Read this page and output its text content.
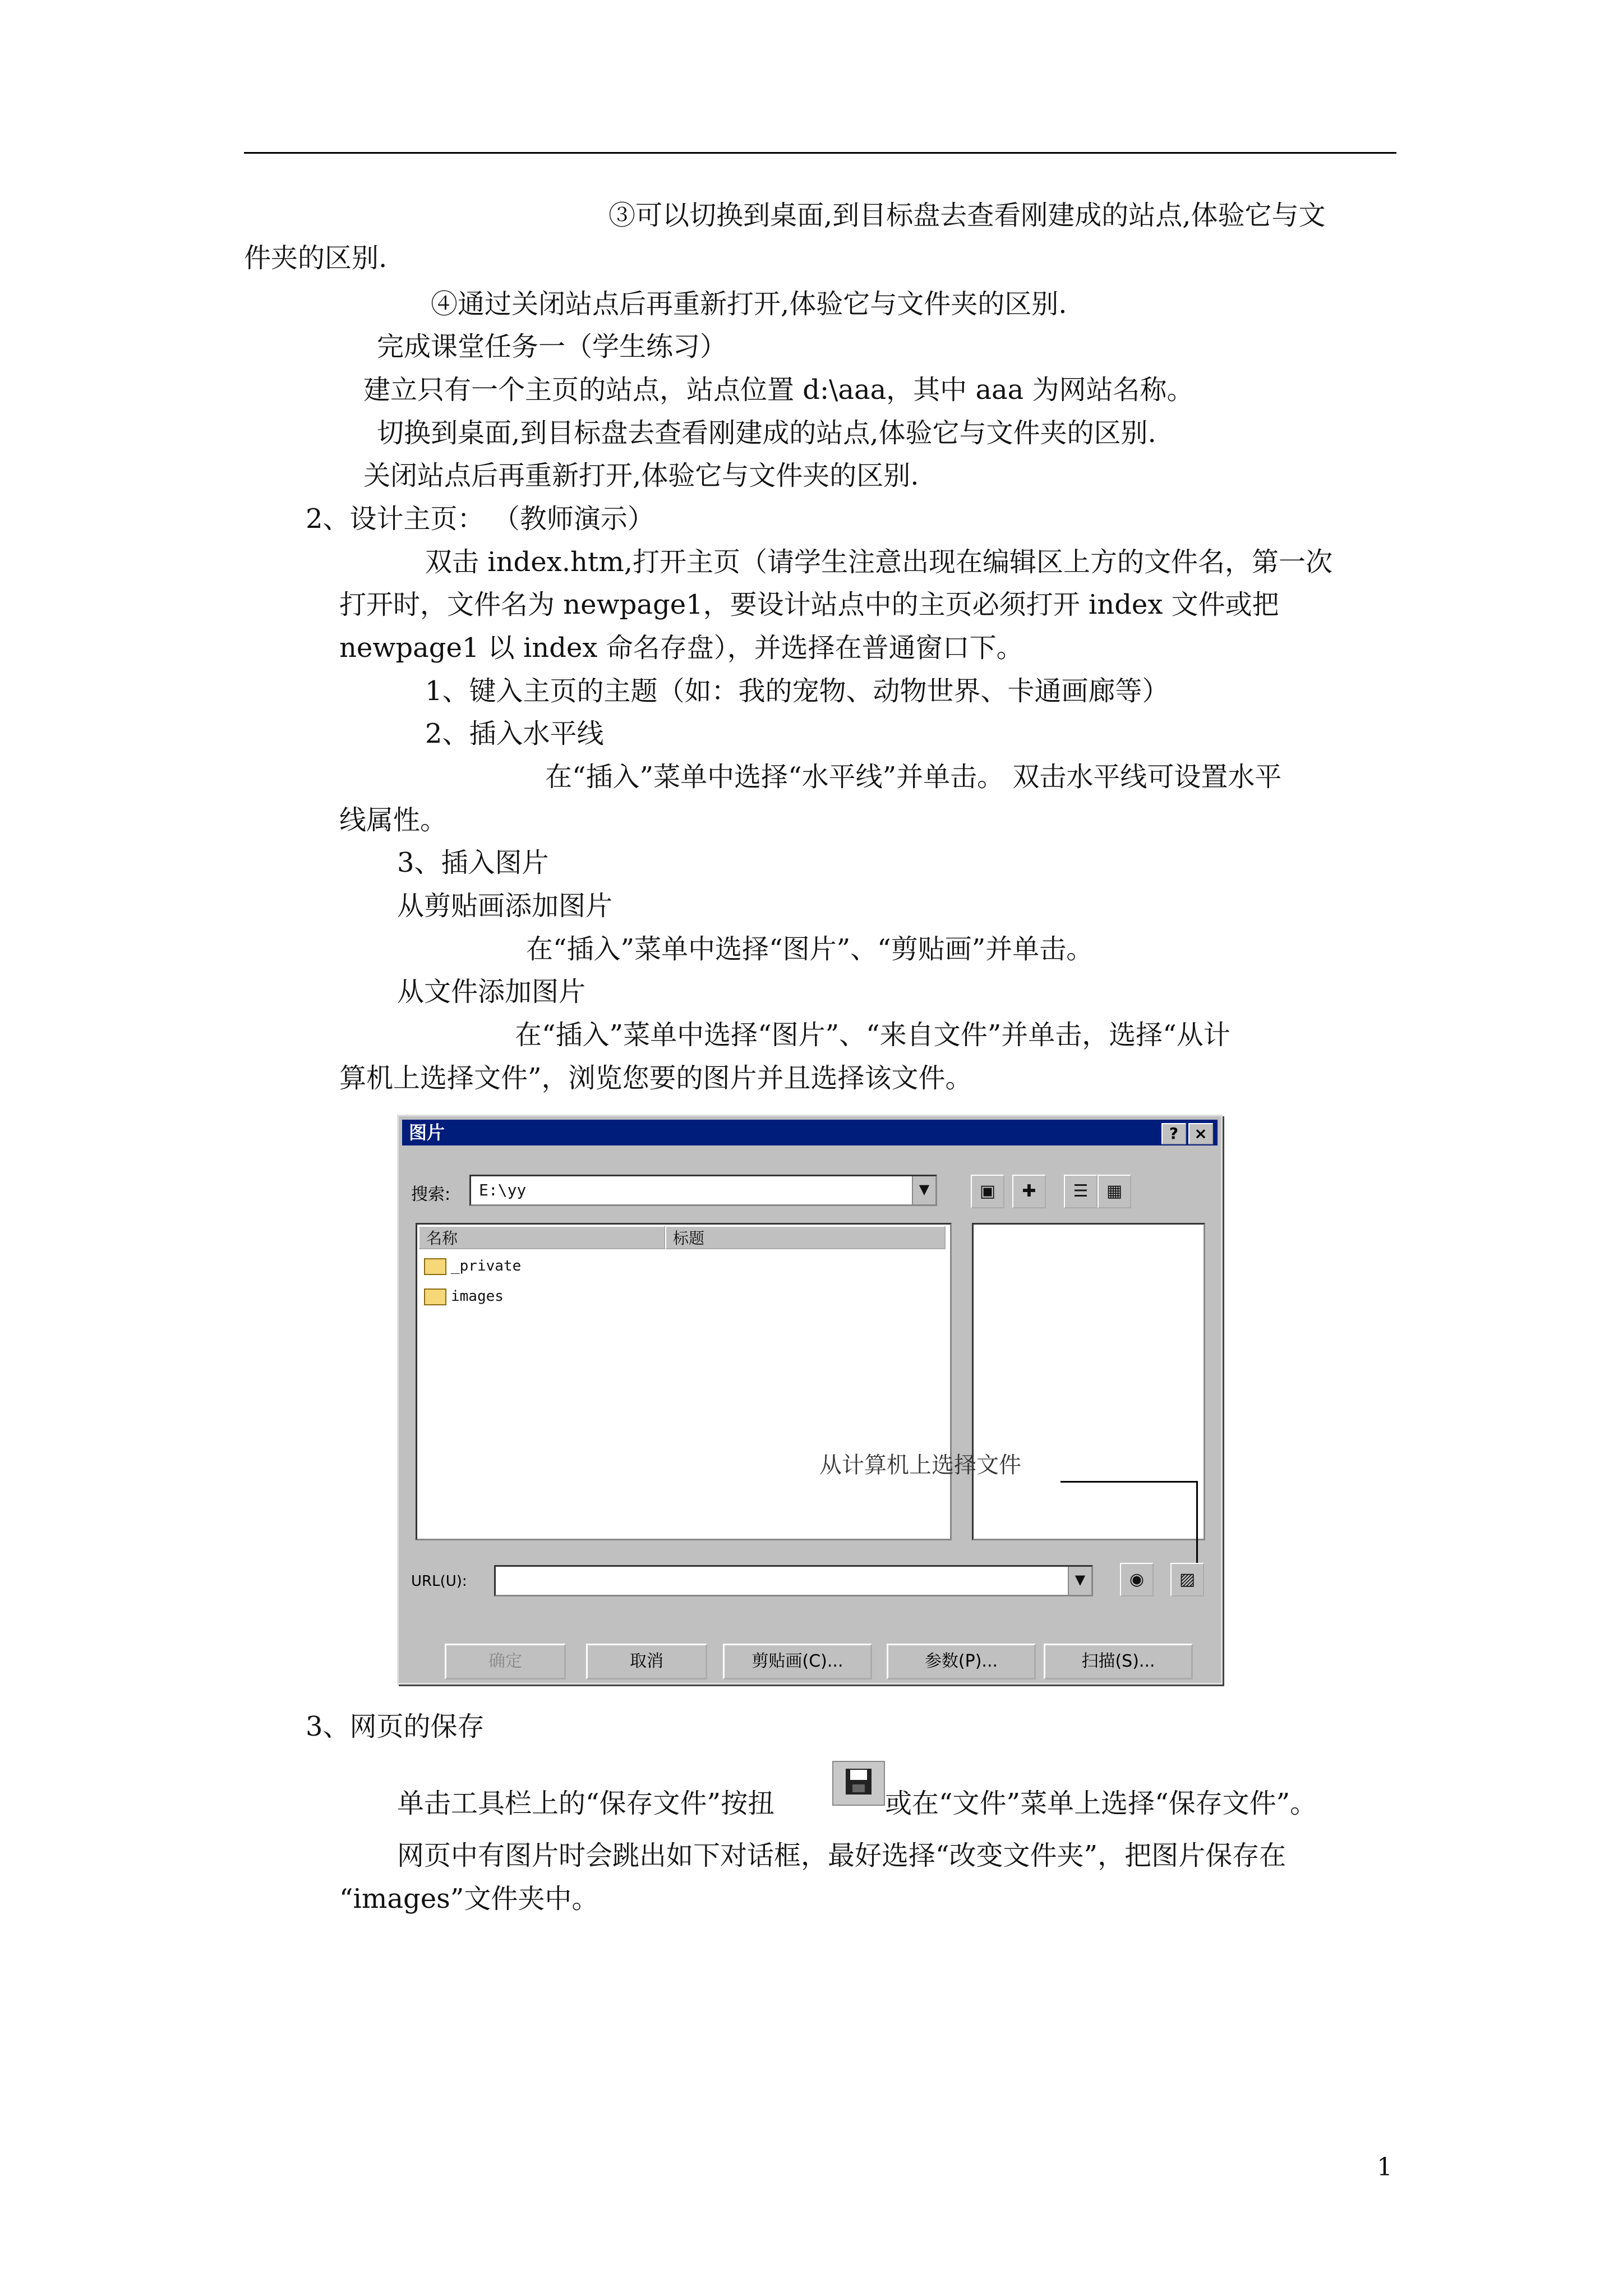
③可以切换到桌面,到目标盘去查看刚建成的站点,体验它与文
件夹的区别.
④通过关闭站点后再重新打开,体验它与文件夹的区别.
完成课堂任务一（学生练习）
建立只有一个主页的站点，站点位置 d:\aaa，其中 aaa 为网站名称。
切换到桌面,到目标盘去查看刚建成的站点,体验它与文件夹的区别.
关闭站点后再重新打开,体验它与文件夹的区别.
2、设计主页： （教师演示）
双击 index.htm,打开主页（请学生注意出现在编辑区上方的文件名，第一次
打开时，文件名为 newpage1，要设计站点中的主页必须打开 index 文件或把
newpage1 以 index 命名存盘），并选择在普通窗口下。
1、键入主页的主题（如：我的宠物、动物世界、卡通画廊等）
2、插入水平线
在“插入”菜单中选择“水平线”并单击。 双击水平线可设置水平
线属性。
3、插入图片
从剪贴画添加图片
在“插入”菜单中选择“图片”、“剪贴画”并单击。
从文件添加图片
在“插入”菜单中选择“图片”、“来自文件”并单击，选择“从计
算机上选择文件”，浏览您要的图片并且选择该文件。
图片	?	×
搜索: E:\yy	▼	▣	✚	☰	▦
名称	标题
_private
images
从计算机上选择文件
URL(U):	▼	◉	▨
确定	取消	剪贴画(C)...	参数(P)...	扫描(S)...
3、网页的保存
单击工具栏上的“保存文件”按扭	或在“文件”菜单上选择“保存文件”。
网页中有图片时会跳出如下对话框，最好选择“改变文件夹”，把图片保存在
“images”文件夹中。
1
